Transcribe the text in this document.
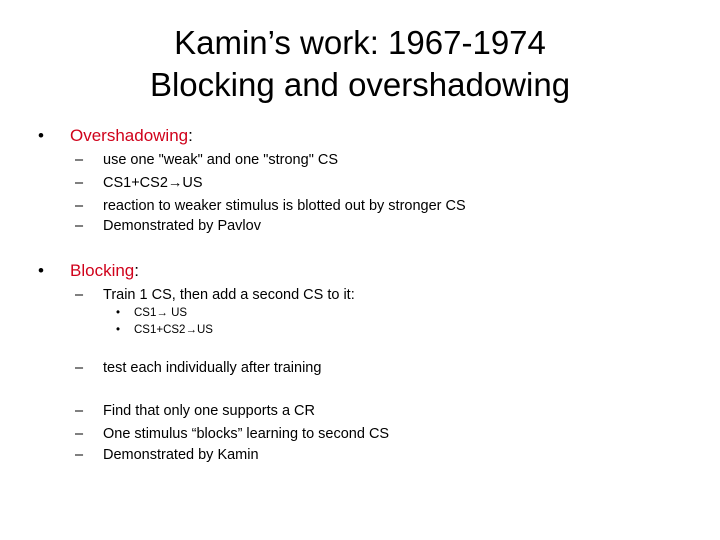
Kamin’s work: 1967-1974
Blocking and overshadowing
• Overshadowing:
– use one "weak" and one "strong" CS
– CS1+CS2→US
– reaction to weaker stimulus is blotted out by stronger CS
– Demonstrated by Pavlov
• Blocking:
– Train 1 CS, then add a second CS to it:
• CS1→ US
• CS1+CS2→US
– test each individually after training
– Find that only one supports a CR
– One stimulus “blocks” learning to second CS
– Demonstrated by Kamin
